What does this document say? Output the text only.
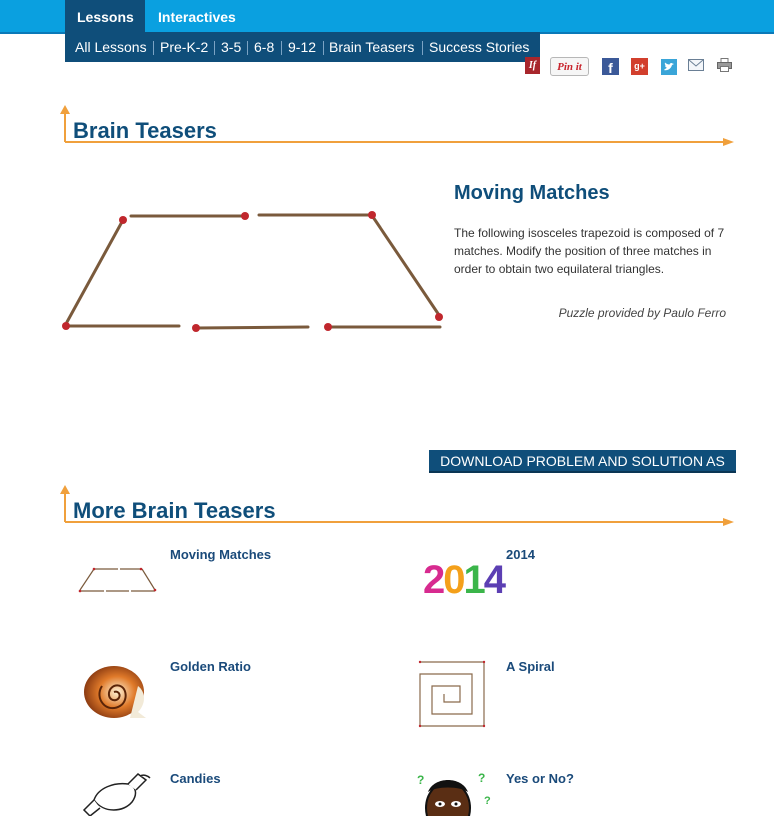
Lessons	Interactives
All Lessons Pre-K-2 3-5 6-8 9-12 Brain Teasers Success Stories
If	Pin it	f	g+
Brain Teasers
Moving Matches
The following isosceles trapezoid is composed of 7 matches. Modify the position of three matches in order to obtain two equilateral triangles.
Puzzle provided by Paulo Ferro
DOWNLOAD PROBLEM AND SOLUTION AS PDF
More Brain Teasers
Moving Matches
2014
2014
Golden Ratio	A Spiral
Candies	?	?
?
Yes or No?
